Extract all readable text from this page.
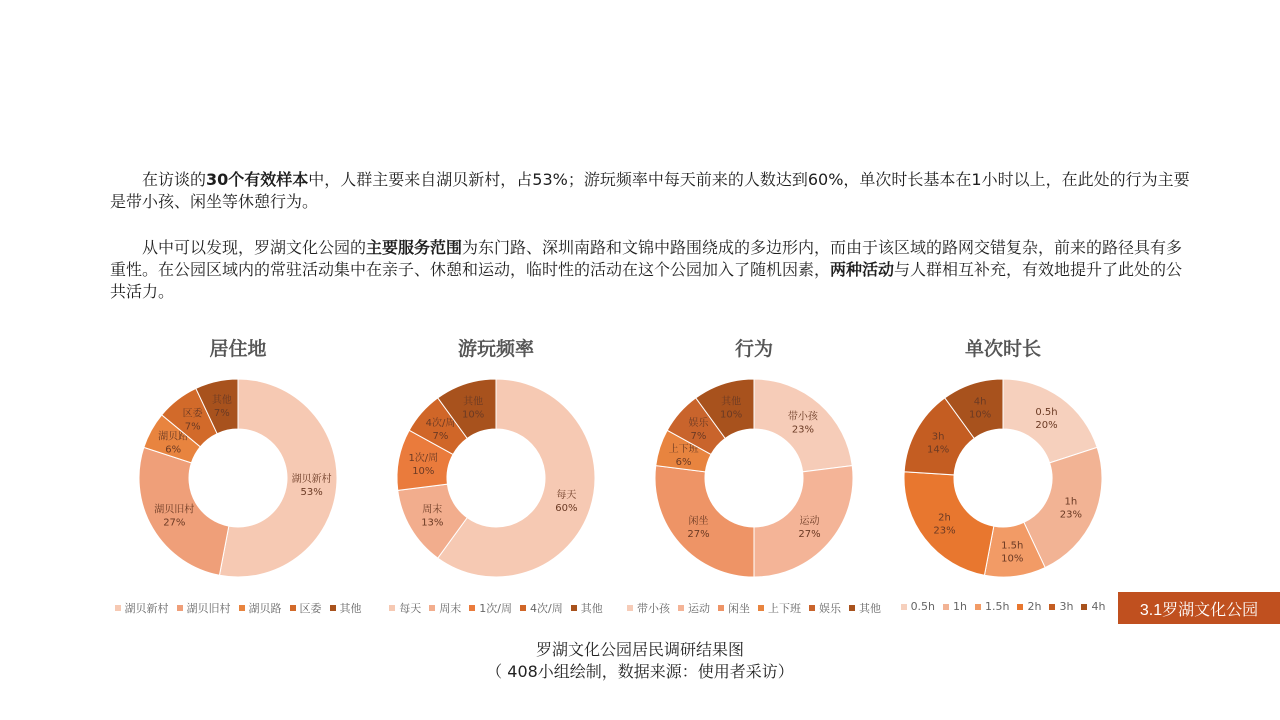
  在访谈的30个有效样本中，人群主要来自湖贝新村，占53%；游玩频率中每天前来的人数达到60%，单次时长基本在1小时以上，在此处的行为主要是带小孩、闲坐等休憩行为。
  从中可以发现，罗湖文化公园的主要服务范围为东门路、深圳南路和文锦中路围绕成的多边形内，而由于该区域的路网交错复杂，前来的路径具有多重性。在公园区域内的常驻活动集中在亲子、休憩和运动，临时性的活动在这个公园加入了随机因素，两种活动与人群相互补充，有效地提升了此处的公共活力。
居住地
湖贝新村 53%
湖贝旧村 27%
湖贝路 6%
区委 7%
其他 7%
湖贝新村 湖贝旧村 湖贝路 区委 其他
游玩频率
每天 60%
周末 13%
1次/周 10%
4次/周 7%
其他 10%
每天 周末 1次/周 4次/周 其他
行为
带小孩 23%
运动 27%
闲坐 27%
上下班 6%
娱乐 7%
其他 10%
带小孩 运动 闲坐 上下班 娱乐 其他
单次时长
0.5h 20%
1h 23%
1.5h 10%
2h 23%
3h 14%
4h 10%
0.5h 1h 1.5h 2h 3h 4h
罗湖文化公园居民调研结果图
（ 408小组绘制，数据来源：使用者采访）
3.1罗湖文化公园
